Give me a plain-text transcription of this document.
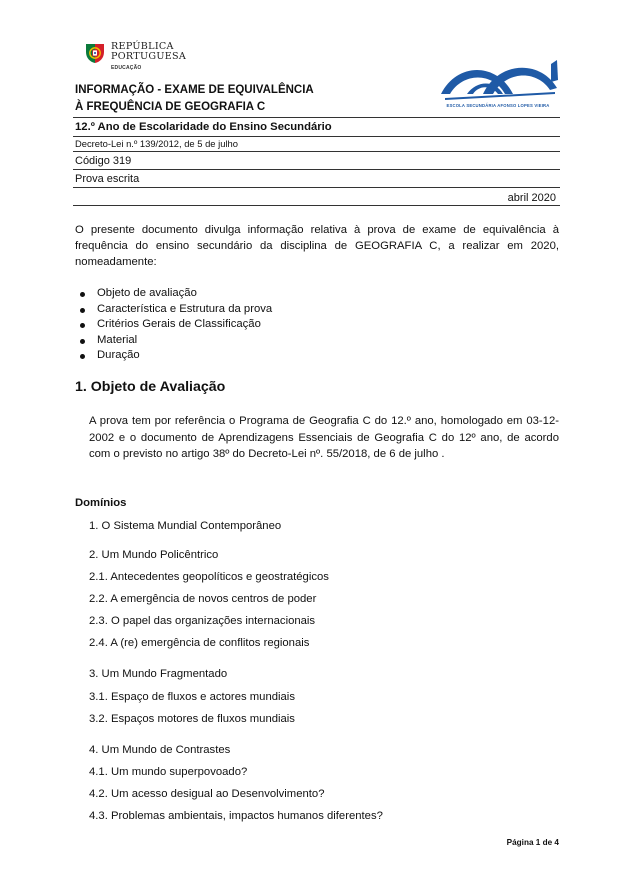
REPÚBLICA
PORTUGUESA
EDUCAÇÃO
ESCOLA SECUNDÁRIA AFONSO LOPES VIEIRA
INFORMAÇÃO - EXAME DE EQUIVALÊNCIA
À FREQUÊNCIA DE GEOGRAFIA C
12.º Ano de Escolaridade do Ensino Secundário
Decreto-Lei n.º 139/2012, de 5 de julho
Código 319
Prova escrita
abril 2020

O presente documento divulga informação relativa à prova de exame de equivalência à frequência do ensino secundário da disciplina de GEOGRAFIA C, a realizar em 2020, nomeadamente:

Objeto de avaliação
Característica e Estrutura da prova
Critérios Gerais de Classificação
Material
Duração
1. Objeto de Avaliação

A prova tem por referência o Programa de Geografia C do 12.º ano, homologado em 03-12- 2002 e o documento de Aprendizagens Essenciais de Geografia C do 12º ano, de acordo com o previsto no artigo 38º do Decreto-Lei nº. 55/2018, de 6 de julho .

Domínios
1. O Sistema Mundial Contemporâneo
2. Um Mundo Policêntrico
2.1. Antecedentes geopolíticos e geostratégicos
2.2. A emergência de novos centros de poder
2.3. O papel das organizações internacionais
2.4. A (re) emergência de conflitos regionais
3. Um Mundo Fragmentado
3.1. Espaço de fluxos e actores mundiais
3.2. Espaços motores de fluxos mundiais
4. Um Mundo de Contrastes
4.1. Um mundo superpovoado?
4.2. Um acesso desigual ao Desenvolvimento?
4.3. Problemas ambientais, impactos humanos diferentes?
Página 1 de 4
